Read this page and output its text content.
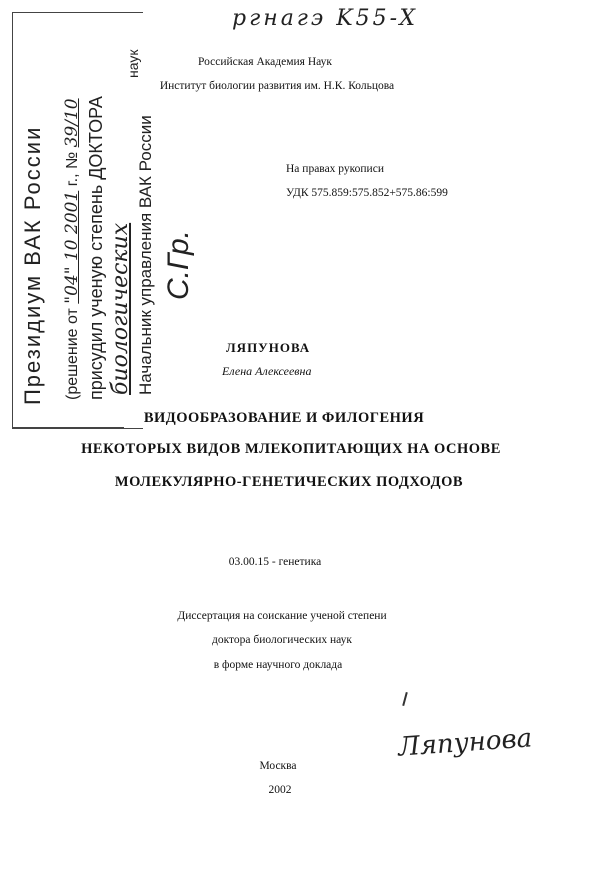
ргнагэ K55-X
Президиум ВАК России (решение от "04" 10 2001 г., № 39/10 присудил ученую степень ДОКТОРА биологических
наук
Начальник управления ВАК России С.Гр.
Российская Академия Наук
Институт биологии развития им. Н.К. Кольцова
На правах рукописи
УДК 575.859:575.852+575.86:599
ЛЯПУНОВА
Елена Алексеевна
ВИДООБРАЗОВАНИЕ И ФИЛОГЕНИЯ
НЕКОТОРЫХ ВИДОВ МЛЕКОПИТАЮЩИХ НА ОСНОВЕ
МОЛЕКУЛЯРНО-ГЕНЕТИЧЕСКИХ ПОДХОДОВ
03.00.15 - генетика
Диссертация на соискание ученой степени
доктора биологических наук
в форме научного доклада
Ляпунова
Москва
2002
